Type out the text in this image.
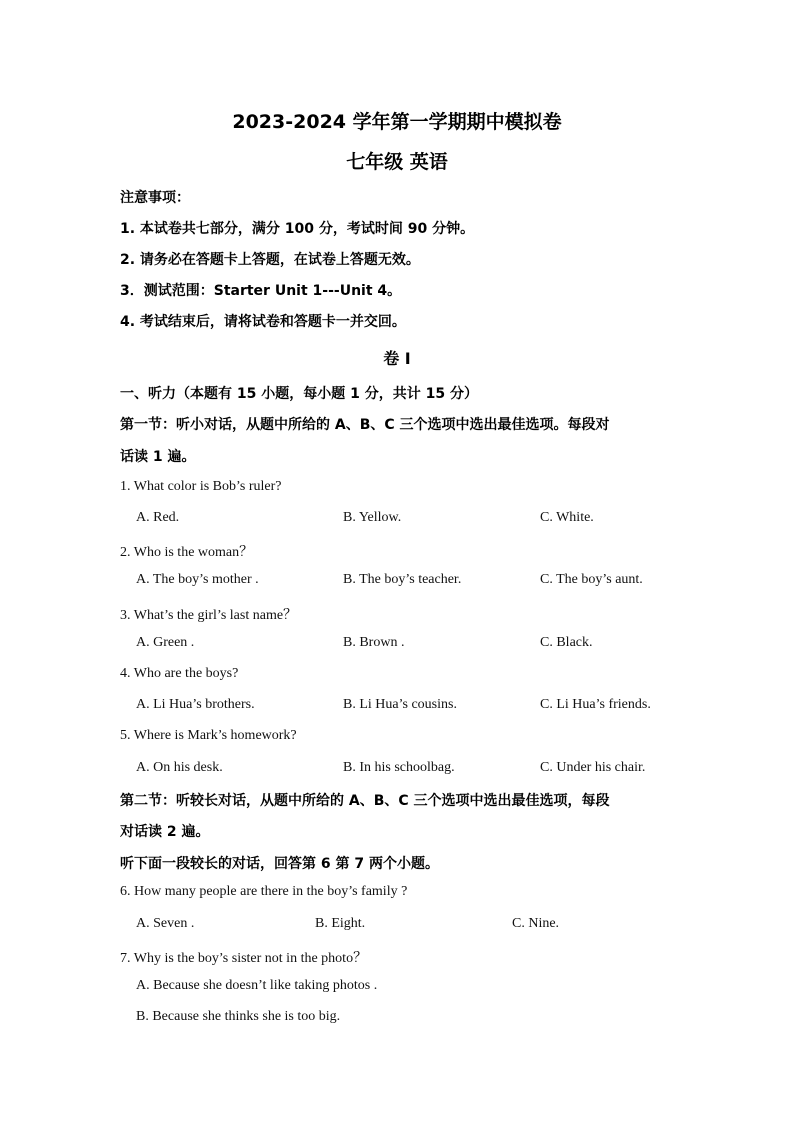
2023-2024 学年第一学期期中模拟卷
七年级 英语
注意事项：
1. 本试卷共七部分，满分 100 分，考试时间 90 分钟。
2. 请务必在答题卡上答题，在试卷上答题无效。
3．测试范围：Starter Unit 1---Unit 4。
4. 考试结束后，请将试卷和答题卡一并交回。
卷 I
一、听力（本题有 15 小题，每小题 1 分，共计 15 分）
第一节：听小对话，从题中所给的 A、B、C 三个选项中选出最佳选项。每段对
话读 1 遍。
1. What color is Bob’s ruler?
A. Red.	B. Yellow.	C. White.
2. Who is the woman？
A. The boy’s mother .	B. The boy’s teacher.	C. The boy’s aunt.
3. What’s the girl’s last name？
A. Green .	B. Brown .	C. Black.
4. Who are the boys?
A. Li Hua’s brothers.	B. Li Hua’s cousins.	C. Li Hua’s friends.
5. Where is Mark’s homework?
A. On his desk.	B. In his schoolbag.	C. Under his chair.
第二节：听较长对话，从题中所给的 A、B、C 三个选项中选出最佳选项，每段
对话读 2 遍。
听下面一段较长的对话，回答第 6 第 7 两个小题。
6. How many people are there in the boy’s family ?
A. Seven .	B. Eight.	C. Nine.
7. Why is the boy’s sister not in the photo？
A. Because she doesn’t like taking photos .
B. Because she thinks she is too big.
